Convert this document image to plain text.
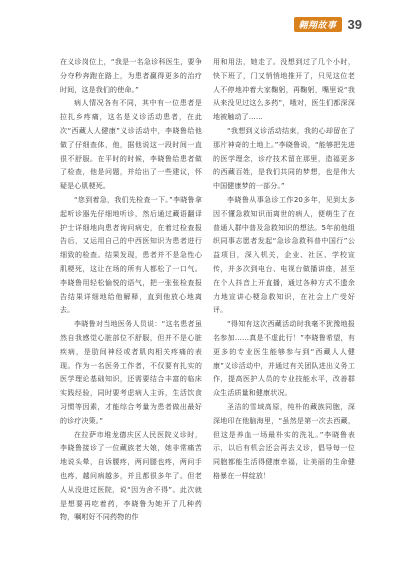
翱翔故事 39

在义诊岗位上，“我是一名急诊科医生，要争分夺秒奔跑在路上，为患者赢得更多的治疗时间，这是我们的使命。”

病人情况各有不同，其中有一位患者是拉扎乡疼痛，这名是义诊活动患者，在此次“西藏人人健康”义诊活动中，李晓鲁给他做了仔细查体，他，据他说这一段时间一直很不舒服。在平时的时候，李晓鲁给患者做了检查，他是问题，并给出了一些建议，怀疑是心肌梗死。

“您到着急，我们先检查一下。”李晓鲁拿起听诊器先仔细地听诊，然后通过藏语翻译护士详细地向患者询问病史，在着过检查报告后，又运用自己的中西医知识为患者进行细致的检查。结果发现，患者并不是急性心肌梗死，这让在场的所有人都松了一口气。李晓鲁用轻松愉悦的语气，把一张张检查报告结果详细地给他解释，直到他放心地离去。

李晓鲁对当地医务人员说：“这名患者虽然自我感觉心脏部位不舒服，但并不是心脏疾病，是肋间神经或者肌肉相关疼痛的表现。作为一名医务工作者，不仅要有扎实的医学理论基础知识，还需要结合丰富的临床实践经验，同时要考虑病人主诉，生活饮食习惯等因素，才能综合考量为患者做出最好的诊疗决策。”

在拉萨市堆龙德庆区人民医院义诊时，李晓鲁接诊了一位藏族老大娘，她非常痛苦地说头晕，自诉腰疼，两问腿也疼，两问手也疼，越问病越多，并且都很多年了。但老人从没进过医院，说“因为舍不得”。此次就是想要再吃着药，李晓鲁为她开了几种药物，嘱咐好不同药物的作

用和用法，她走了。没想到过了几个小时，快下班了，门又悄悄地推开了，只见这位老人不停地冲着大家鞠躬，再鞠躬，嘴里说“我从来没见过这么多药”，哦对，医生们都深深地被触动了……

“我想到义诊活动结束，我的心却留在了那片神奇的土地上。”李晓鲁说，“能够把先进的医学理念，诊疗技术留在那里，造福更多的西藏百姓，是我们共同的梦想，也是伟大中国健康梦的一部分。”

李晓鲁从事急诊工作20多年，见到太多因不懂急救知识而离世的病人，便萌生了在普通人群中普及急救知识的想法。5年前他组织同事志愿者发起“急诊急救科普中国行”公益项目，深入机关，企业、社区、学校宣传，并多次到电台、电视台做播讲座，甚至在个人抖音上开直播，通过各种方式不遗余力地宣讲心梗急救知识，在社会上广受好评。

“得知有这次西藏活动时我毫不犹豫地报名参加……真是不虚此行！”李晓鲁希望，有更多的专业医生能够参与到“西藏人人健康”义诊活动中，并通过有关团队进出义务工作，提高医护人员的专业技能水平，改善群众生活质量和健康状况。

圣洁的雪域高原，纯朴的藏族同胞，深深地印在他脑海里，“虽然是第一次去西藏，但这是养血一场最朴实的洗礼。”李晓鲁表示，以后有机会还会再去义诊，倡导每一位同胞都能生活得健康幸福，让美丽的生命健格暴在一样绽放！
